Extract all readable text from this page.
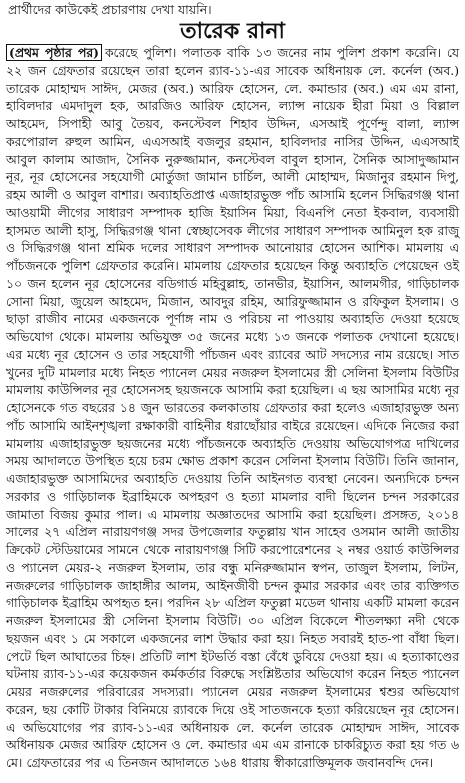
প্রার্থীদের কাউকেই প্রচারণায় দেখা যায়নি।
তারেক রানা
(প্রথম পৃষ্ঠার পর) করেছে পুলিশ। পলাতক বাকি ১৩ জনের নাম পুলিশ প্রকাশ করেনি। যে ২২ জন গ্রেফতার রয়েছেন তারা হলেন র‌্যাব-১১-এর সাবেক অধিনায়ক লে. কর্নেল (অব.) তারেক মোহাম্মদ সাঈদ, মেজর (অব.) আরিফ হোসেন, লে. কমান্ডার (অব.) এম এম রানা, হাবিলদার এমদাদুল হক, আরজিও আরিফ হোসেন, ল্যান্স নায়েক হীরা মিয়া ও বিল্লাল আহমেদ, সিপাহী আবু তৈয়ব, কনস্টেবল শিহাব উদ্দিন, এসআই পূর্ণেন্দু বালা, ল্যান্স করপোরাল রুহুল আমিন, এএসআই বজলুর রহমান, হাবিলদার নাসির উদ্দিন, এএসআই আবুল কালাম আজাদ, সৈনিক নুরুজ্জামান, কনস্টেবল বাবুল হাসান, সৈনিক আসাদুজ্জামান নূর, নূর হোসেনের সহযোগী মোর্তুজা জামান চার্চিল, আলী মোহাম্মদ, মিজানুর রহমান দিপু, রহম আলী ও আবুল বাশার। অব্যাহতিপ্রাপ্ত এজাহারভুক্ত পাঁচ আসামি হলেন সিদ্ধিরগঞ্জ থানা আওয়ামী লীগের সাধারণ সম্পাদক হাজি ইয়াসিন মিয়া, বিএনপি নেতা ইকবাল, ব্যবসায়ী হাসমত আলী হাসু, সিদ্ধিরগঞ্জ থানা স্বেচ্ছাসেবক লীগের সাধারণ সম্পাদক আমিনুল হক রাজু ও সিদ্ধিরগঞ্জ থানা শ্রমিক দলের সাধারণ সম্পাদক আনোয়ার হোসেন আশিক। মামলায় এ পাঁচজনকে পুলিশ গ্রেফতার করেনি। মামলায় গ্রেফতার হয়েছেন কিন্তু অব্যাহতি পেয়েছেন ওই ১০ জন হলেন নূর হোসেনের বডিগার্ড মহিবুল্লাহ, তানভীর, ইয়াসিন, আলমগীর, গাড়িচালক সোনা মিয়া, জুয়েল আহমেদ, মিজান, আবদুর রহিম, আরিফুজ্জামান ও রফিকুল ইসলাম। ও ছাড়া রাজীব নামের একজনকে পূর্ণাঙ্গ নাম ও পরিচয় না পাওয়ায় অব্যাহতি দেওয়া হয়েছে অভিযোগ থেকে। মামলায় অভিযুক্ত ৩৫ জনের মধ্যে ১৩ জনকে পলাতক দেখানো হয়েছে। এর মধ্যে নূর হোসেন ও তার সহযোগী পাঁচজন এবং র‌্যাবের আট সদস্যের নাম রয়েছে। সাত খুনের দুটি মামলার মধ্যে নিহত প্যানেল মেয়র নজরুল ইসলামের স্ত্রী সেলিনা ইসলাম বিউটির মামলায় কাউন্সিলর নূর হোসেনসহ ছয়জনকে আসামি করা হয়েছিল। এ ছয় আসামির মধ্যে নূর হোসেনকে গত বছরের ১৪ জুন ভারতের কলকাতায় গ্রেফতার করা হলেও এজাহারভুক্ত অন্য পাঁচ আসামি আইনশৃঙ্খলা রক্ষাকারী বাহিনীর ধরাছোঁয়ার বাইরে রয়েছেন। এদিকে নিজের করা মামলায় এজাহারভুক্ত ছয়জনের মধ্যে পাঁচজনকে অব্যাহতি দেওয়ায় অভিযোগপত্র দাখিলের সময় আদালতে উপস্থিত হয়ে চরম ক্ষোভ প্রকাশ করেন সেলিনা ইসলাম বিউটি। তিনি জানান, এজাহারভুক্ত আসামিদের অব্যাহতি দেওয়ায় তিনি আইনগত ব্যবস্থা নেবেন। অন্যদিকে চন্দন সরকার ও গাড়িচালক ইব্রাহিমকে অপহরণ ও হত্যা মামলার বাদী ছিলেন চন্দন সরকারের জামাতা বিজয় কুমার পাল। এ মামলায় অজ্ঞাতদের আসামি করা হয়েছিল। প্রসঙ্গত, ২০১৪ সালের ২৭ এপ্রিল নারায়ণগঞ্জ সদর উপজেলার ফতুল্লায় খান সাহেব ওসমান আলী জাতীয় ক্রিকেট স্টেডিয়ামের সামনে থেকে নারায়ণগঞ্জ সিটি করপোরেশনের ২ নম্বর ওয়ার্ড কাউন্সিলর ও প্যানেল মেয়র-২ নজরুল ইসলাম, তার বন্ধু মনিরুজ্জামান স্বপন, তাজুল ইসলাম, লিটন, নজরুলের গাড়িচালক জাহাঙ্গীর আলম, আইনজীবী চন্দন কুমার সরকার এবং তার ব্যক্তিগত গাড়িচালক ইব্রাহিম অপহৃত হন। পরদিন ২৮ এপ্রিল ফতুল্লা মডেল থানায় একটি মামলা করেন নজরুল ইসলামের স্ত্রী সেলিনা ইসলাম বিউটি। ৩০ এপ্রিল বিকেলে শীতলক্ষ্যা নদী থেকে ছয়জন এবং ১ মে সকালে একজনের লাশ উদ্ধার করা হয়। নিহত সবারই হাত-পা বাঁধা ছিল। পেটে ছিল আঘাতের চিহ্ন। প্রতিটি লাশ ইটভর্তি বস্তা বেঁধে ডুবিয়ে দেওয়া হয়। এ হত্যাকাণ্ডের ঘটনায় র‌্যাব-১১-এর কয়েকজন কর্মকর্তার বিরুদ্ধে সংশ্লিষ্টতার অভিযোগ করেন নিহত প্যানেল মেয়র নজরুলের পরিবারের সদস্যরা। প্যানেল মেয়র নজরুল ইসলামের শ্বশুর অভিযোগ করেন, ছয় কোটি টাকার বিনিময়ে র‌্যাবকে দিয়ে ওই সাতজনকে হত্যা করিয়েছেন নূর হোসেন। এ অভিযোগের পর র‌্যাব-১১-এর অধিনায়ক লে. কর্নেল তারেক মোহাম্মদ সাঈদ, সাবেক অধিনায়ক মেজর আরিফ হোসেন ও লে. কমান্ডার এম এম রানাকে চাকরিচ্যুত করা হয় গত ৬ মে। গ্রেফতারের পর এ তিনজন আদালতে ১৬৪ ধারায় স্বীকারোক্তিমূলক জবানবন্দি দেন।
